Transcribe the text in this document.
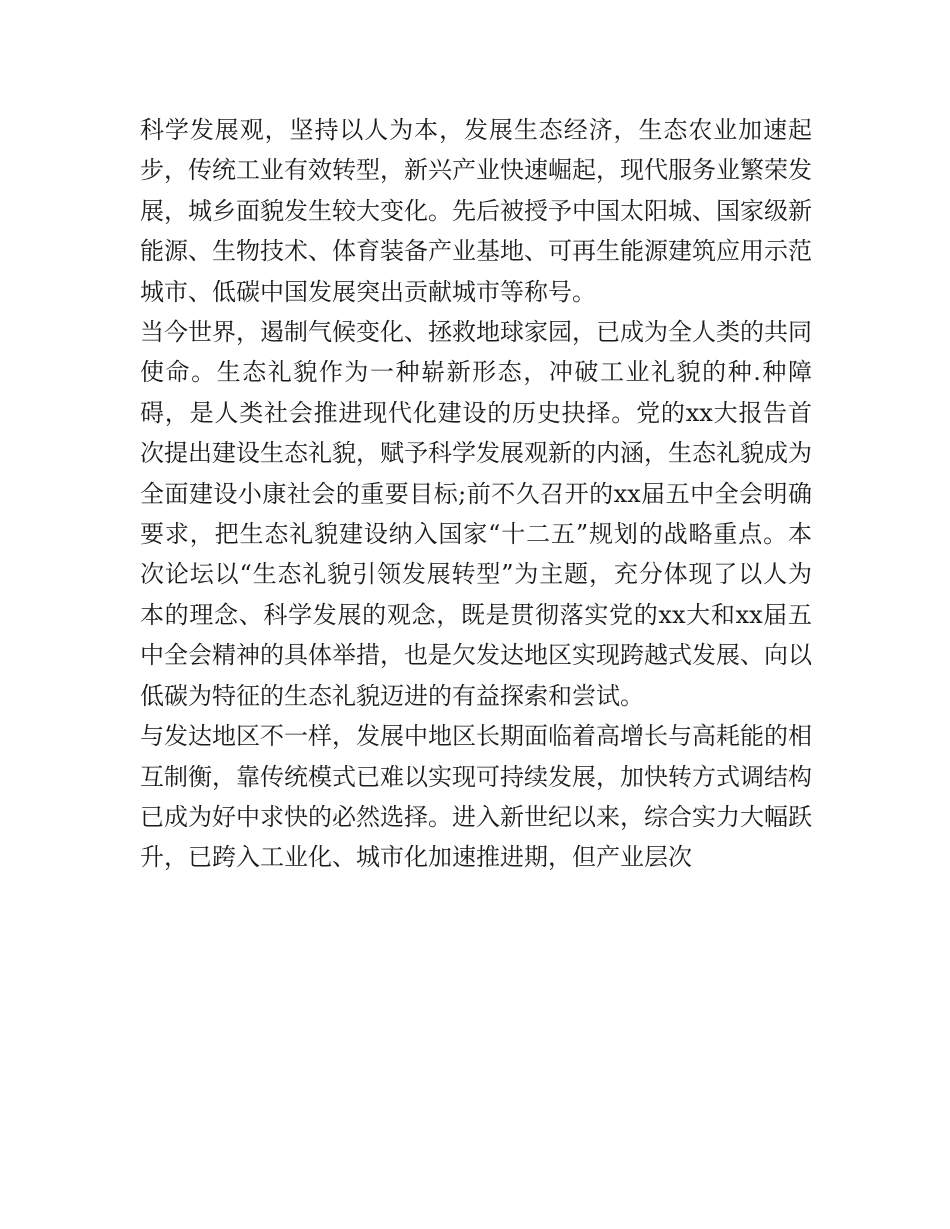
科学发展观，坚持以人为本，发展生态经济，生态农业加速起步，传统工业有效转型，新兴产业快速崛起，现代服务业繁荣发展，城乡面貌发生较大变化。先后被授予中国太阳城、国家级新能源、生物技术、体育装备产业基地、可再生能源建筑应用示范城市、低碳中国发展突出贡献城市等称号。

当今世界，遏制气候变化、拯救地球家园，已成为全人类的共同使命。生态礼貌作为一种崭新形态，冲破工业礼貌的种.种障碍，是人类社会推进现代化建设的历史抉择。党的xx大报告首次提出建设生态礼貌，赋予科学发展观新的内涵，生态礼貌成为全面建设小康社会的重要目标;前不久召开的xx届五中全会明确要求，把生态礼貌建设纳入国家“十二五”规划的战略重点。本次论坛以“生态礼貌引领发展转型”为主题，充分体现了以人为本的理念、科学发展的观念，既是贯彻落实党的xx大和xx届五中全会精神的具体举措，也是欠发达地区实现跨越式发展、向以低碳为特征的生态礼貌迈进的有益探索和尝试。

与发达地区不一样，发展中地区长期面临着高增长与高耗能的相互制衡，靠传统模式已难以实现可持续发展，加快转方式调结构已成为好中求快的必然选择。进入新世纪以来，综合实力大幅跃升，已跨入工业化、城市化加速推进期，但产业层次
